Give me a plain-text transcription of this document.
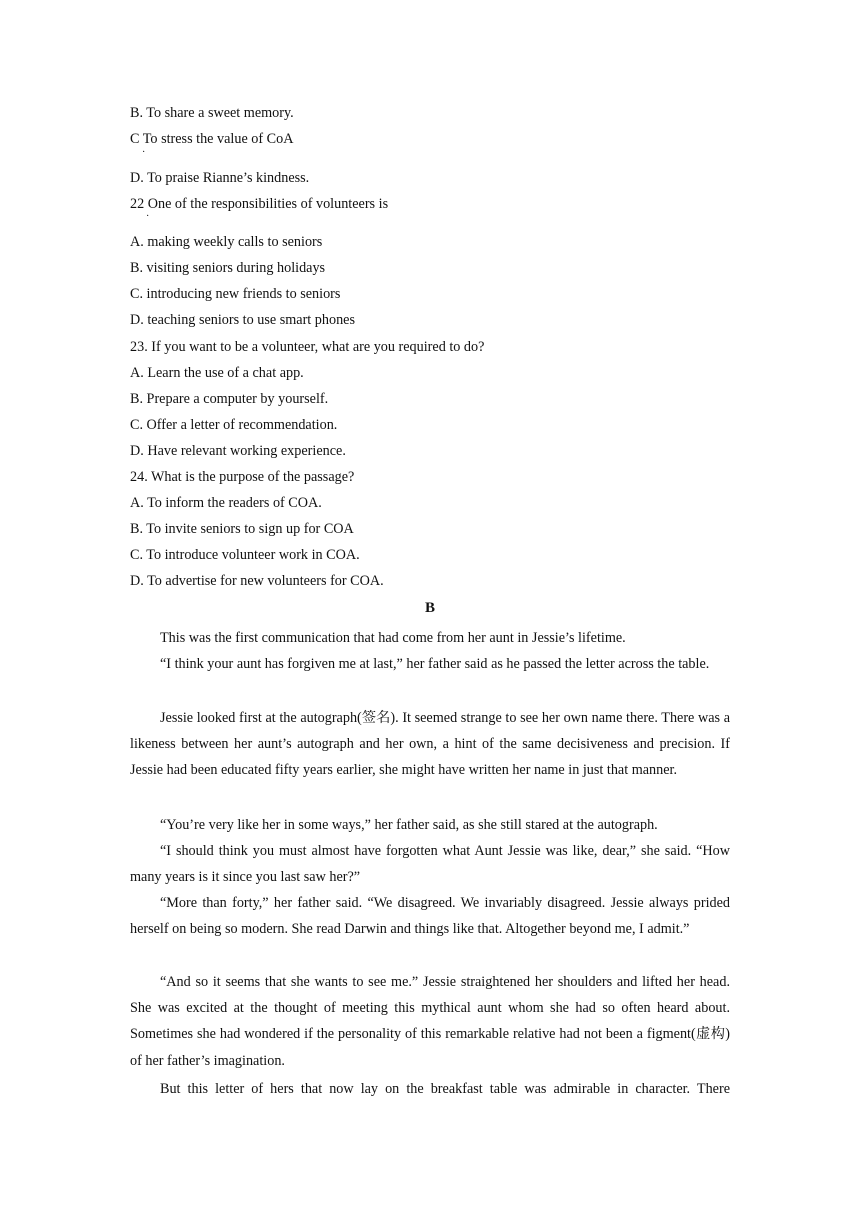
B. To share a sweet memory.
C To stress the value of CoA
·
D. To praise Rianne’s kindness.
22 One of the responsibilities of volunteers is
·
A. making weekly calls to seniors
B. visiting seniors during holidays
C. introducing new friends to seniors
D. teaching seniors to use smart phones
23. If you want to be a volunteer, what are you required to do?
A. Learn the use of a chat app.
B. Prepare a computer by yourself.
C. Offer a letter of recommendation.
D. Have relevant working experience.
24. What is the purpose of the passage?
A. To inform the readers of COA.
B. To invite seniors to sign up for COA
C. To introduce volunteer work in COA.
D. To advertise for new volunteers for COA.
B

This was the first communication that had come from her aunt in Jessie’s lifetime.

“I think your aunt has forgiven me at last,” her father said as he passed the letter across the table.

Jessie looked first at the autograph(签名). It seemed strange to see her own name there. There was a likeness between her aunt’s autograph and her own, a hint of the same decisiveness and precision. If Jessie had been educated fifty years earlier, she might have written her name in just that manner.

“You’re very like her in some ways,” her father said, as she still stared at the autograph.

“I should think you must almost have forgotten what Aunt Jessie was like, dear,” she said. “How many years is it since you last saw her?”

“More than forty,” her father said. “We disagreed. We invariably disagreed. Jessie always prided herself on being so modern. She read Darwin and things like that. Altogether beyond me, I admit.”

“And so it seems that she wants to see me.” Jessie straightened her shoulders and lifted her head. She was excited at the thought of meeting this mythical aunt whom she had so often heard about. Sometimes she had wondered if the personality of this remarkable relative had not been a figment(虚构) of her father’s imagination.

But this letter of hers that now lay on the breakfast table was admirable in character. There
